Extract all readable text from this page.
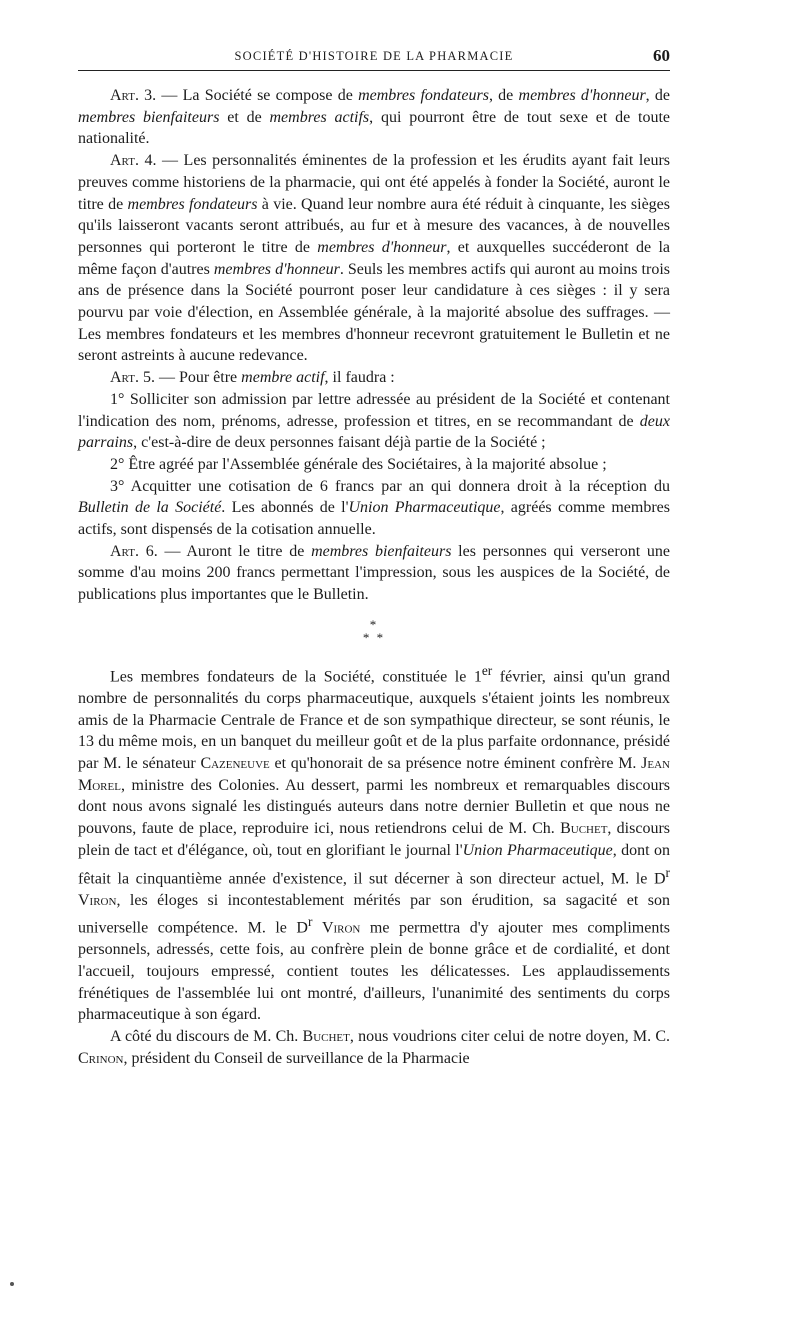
SOCIÉTÉ D'HISTOIRE DE LA PHARMACIE	60

Art. 3. — La Société se compose de membres fondateurs, de membres d'honneur, de membres bienfaiteurs et de membres actifs, qui pourront être de tout sexe et de toute nationalité.

Art. 4. — Les personnalités éminentes de la profession et les érudits ayant fait leurs preuves comme historiens de la pharmacie, qui ont été appelés à fonder la Société, auront le titre de membres fondateurs à vie. Quand leur nombre aura été réduit à cinquante, les sièges qu'ils laisseront vacants seront attribués, au fur et à mesure des vacances, à de nouvelles personnes qui porteront le titre de membres d'honneur, et auxquelles succéderont de la même façon d'autres membres d'honneur. Seuls les membres actifs qui auront au moins trois ans de présence dans la Société pourront poser leur candidature à ces sièges : il y sera pourvu par voie d'élection, en Assemblée générale, à la majorité absolue des suffrages. — Les membres fondateurs et les membres d'honneur recevront gratuitement le Bulletin et ne seront astreints à aucune redevance.

Art. 5. — Pour être membre actif, il faudra :

1° Solliciter son admission par lettre adressée au président de la Société et contenant l'indication des nom, prénoms, adresse, profession et titres, en se recommandant de deux parrains, c'est-à-dire de deux personnes faisant déjà partie de la Société ;

2° Être agréé par l'Assemblée générale des Sociétaires, à la majorité absolue ;

3° Acquitter une cotisation de 6 francs par an qui donnera droit à la réception du Bulletin de la Société. Les abonnés de l'Union Pharmaceutique, agréés comme membres actifs, sont dispensés de la cotisation annuelle.

Art. 6. — Auront le titre de membres bienfaiteurs les personnes qui verseront une somme d'au moins 200 francs permettant l'impression, sous les auspices de la Société, de publications plus importantes que le Bulletin.

*
* *

Les membres fondateurs de la Société, constituée le 1er février, ainsi qu'un grand nombre de personnalités du corps pharmaceutique, auxquels s'étaient joints les nombreux amis de la Pharmacie Centrale de France et de son sympathique directeur, se sont réunis, le 13 du même mois, en un banquet du meilleur goût et de la plus parfaite ordonnance, présidé par M. le sénateur Cazeneuve et qu'honorait de sa présence notre éminent confrère M. Jean Morel, ministre des Colonies. Au dessert, parmi les nombreux et remarquables discours dont nous avons signalé les distingués auteurs dans notre dernier Bulletin et que nous ne pouvons, faute de place, reproduire ici, nous retiendrons celui de M. Ch. Buchet, discours plein de tact et d'élégance, où, tout en glorifiant le journal l'Union Pharmaceutique, dont on fêtait la cinquantième année d'existence, il sut décerner à son directeur actuel, M. le $D^r$ Viron, les éloges si incontestablement mérités par son érudition, sa sagacité et son universelle compétence. M. le $D^r$ Viron me permettra d'y ajouter mes compliments personnels, adressés, cette fois, au confrère plein de bonne grâce et de cordialité, et dont l'accueil, toujours empressé, contient toutes les délicatesses. Les applaudissements frénétiques de l'assemblée lui ont montré, d'ailleurs, l'unanimité des sentiments du corps pharmaceutique à son égard.

A côté du discours de M. Ch. Buchet, nous voudrions citer celui de notre doyen, M. C. Crinon, président du Conseil de surveillance de la Pharmacie
